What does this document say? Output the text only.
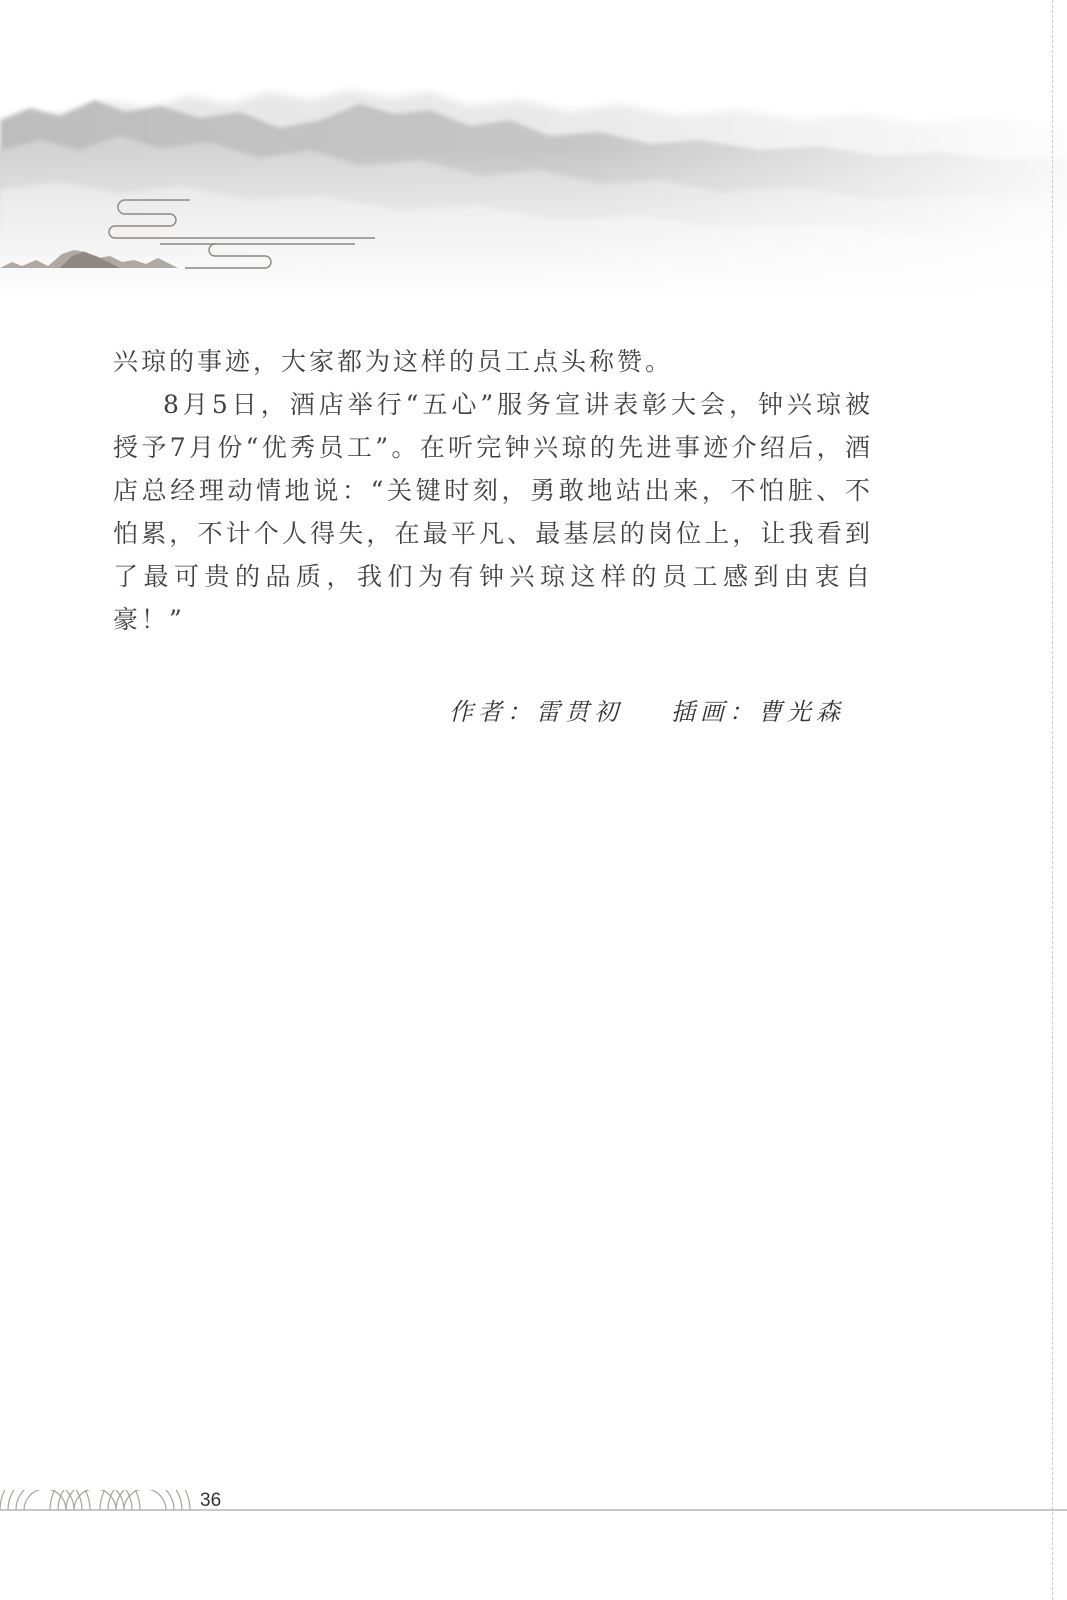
兴琼的事迹，大家都为这样的员工点头称赞。

8月5日，酒店举行“五心”服务宣讲表彰大会，钟兴琼被授予7月份“优秀员工”。在听完钟兴琼的先进事迹介绍后，酒店总经理动情地说：“关键时刻，勇敢地站出来，不怕脏、不怕累，不计个人得失，在最平凡、最基层的岗位上，让我看到了最可贵的品质，我们为有钟兴琼这样的员工感到由衷自豪！”

作者：雷贯初 插画：曹光森
36
